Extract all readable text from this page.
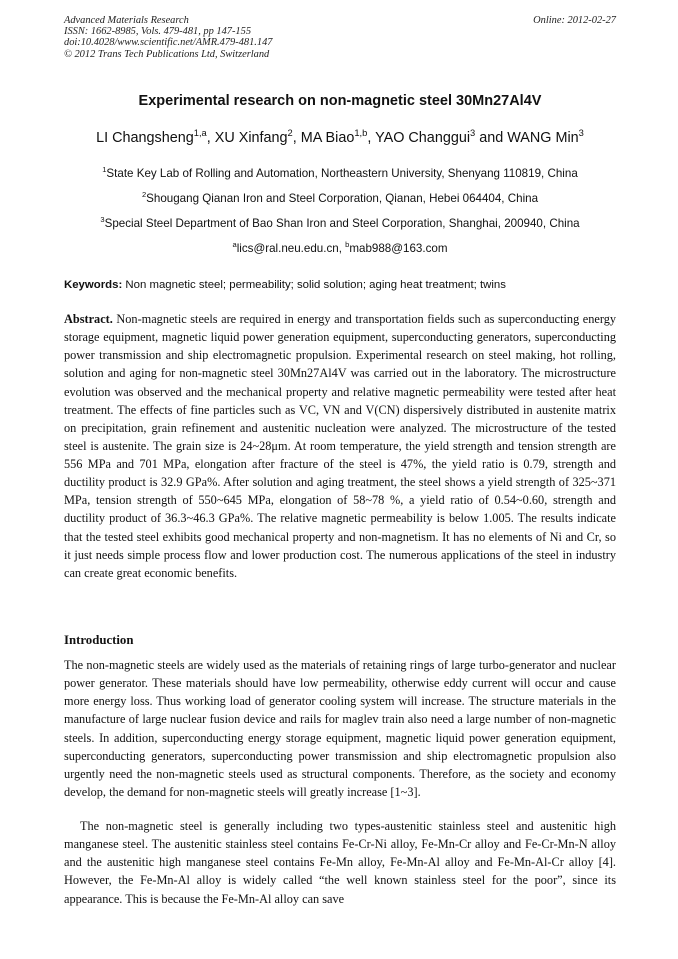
Advanced Materials Research
ISSN: 1662-8985, Vols. 479-481, pp 147-155
doi:10.4028/www.scientific.net/AMR.479-481.147
© 2012 Trans Tech Publications Ltd, Switzerland
Online: 2012-02-27
Experimental research on non-magnetic steel 30Mn27Al4V
LI Changsheng$^{1,a}$, XU Xinfang$^2$, MA Biao$^{1,b}$, YAO Changgui$^3$ and WANG Min$^3$
$^1$State Key Lab of Rolling and Automation, Northeastern University, Shenyang 110819, China
$^2$Shougang Qianan Iron and Steel Corporation, Qianan, Hebei 064404, China
$^3$Special Steel Department of Bao Shan Iron and Steel Corporation, Shanghai, 200940, China
$^a$lics@ral.neu.edu.cn, $^b$mab988@163.com
Keywords: Non magnetic steel; permeability; solid solution; aging heat treatment; twins

Abstract. Non-magnetic steels are required in energy and transportation fields such as superconducting energy storage equipment, magnetic liquid power generation equipment, superconducting generators, superconducting power transmission and ship electromagnetic propulsion. Experimental research on steel making, hot rolling, solution and aging for non-magnetic steel 30Mn27Al4V was carried out in the laboratory. The microstructure evolution was observed and the mechanical property and relative magnetic permeability were tested after heat treatment. The effects of fine particles such as VC, VN and V(CN) dispersively distributed in austenite matrix on precipitation, grain refinement and austenitic nucleation were analyzed. The microstructure of the tested steel is austenite. The grain size is 24~28μm. At room temperature, the yield strength and tension strength are 556 MPa and 701 MPa, elongation after fracture of the steel is 47%, the yield ratio is 0.79, strength and ductility product is 32.9 GPa%. After solution and aging treatment, the steel shows a yield strength of 325~371 MPa, tension strength of 550~645 MPa, elongation of 58~78 %, a yield ratio of 0.54~0.60, strength and ductility product of 36.3~46.3 GPa%. The relative magnetic permeability is below 1.005. The results indicate that the tested steel exhibits good mechanical property and non-magnetism. It has no elements of Ni and Cr, so it just needs simple process flow and lower production cost. The numerous applications of the steel in industry can create great economic benefits.

Introduction

The non-magnetic steels are widely used as the materials of retaining rings of large turbo-generator and nuclear power generator. These materials should have low permeability, otherwise eddy current will occur and cause more energy loss. Thus working load of generator cooling system will increase. The structure materials in the manufacture of large nuclear fusion device and rails for maglev train also need a large number of non-magnetic steels. In addition, superconducting energy storage equipment, magnetic liquid power generation equipment, superconducting generators, superconducting power transmission and ship electromagnetic propulsion also urgently need the non-magnetic steels used as structural components. Therefore, as the society and economy develop, the demand for non-magnetic steels will greatly increase [1~3].

The non-magnetic steel is generally including two types-austenitic stainless steel and austenitic high manganese steel. The austenitic stainless steel contains Fe-Cr-Ni alloy, Fe-Mn-Cr alloy and Fe-Cr-Mn-N alloy and the austenitic high manganese steel contains Fe-Mn alloy, Fe-Mn-Al alloy and Fe-Mn-Al-Cr alloy [4]. However, the Fe-Mn-Al alloy is widely called “the well known stainless steel for the poor”, since its appearance. This is because the Fe-Mn-Al alloy can save
